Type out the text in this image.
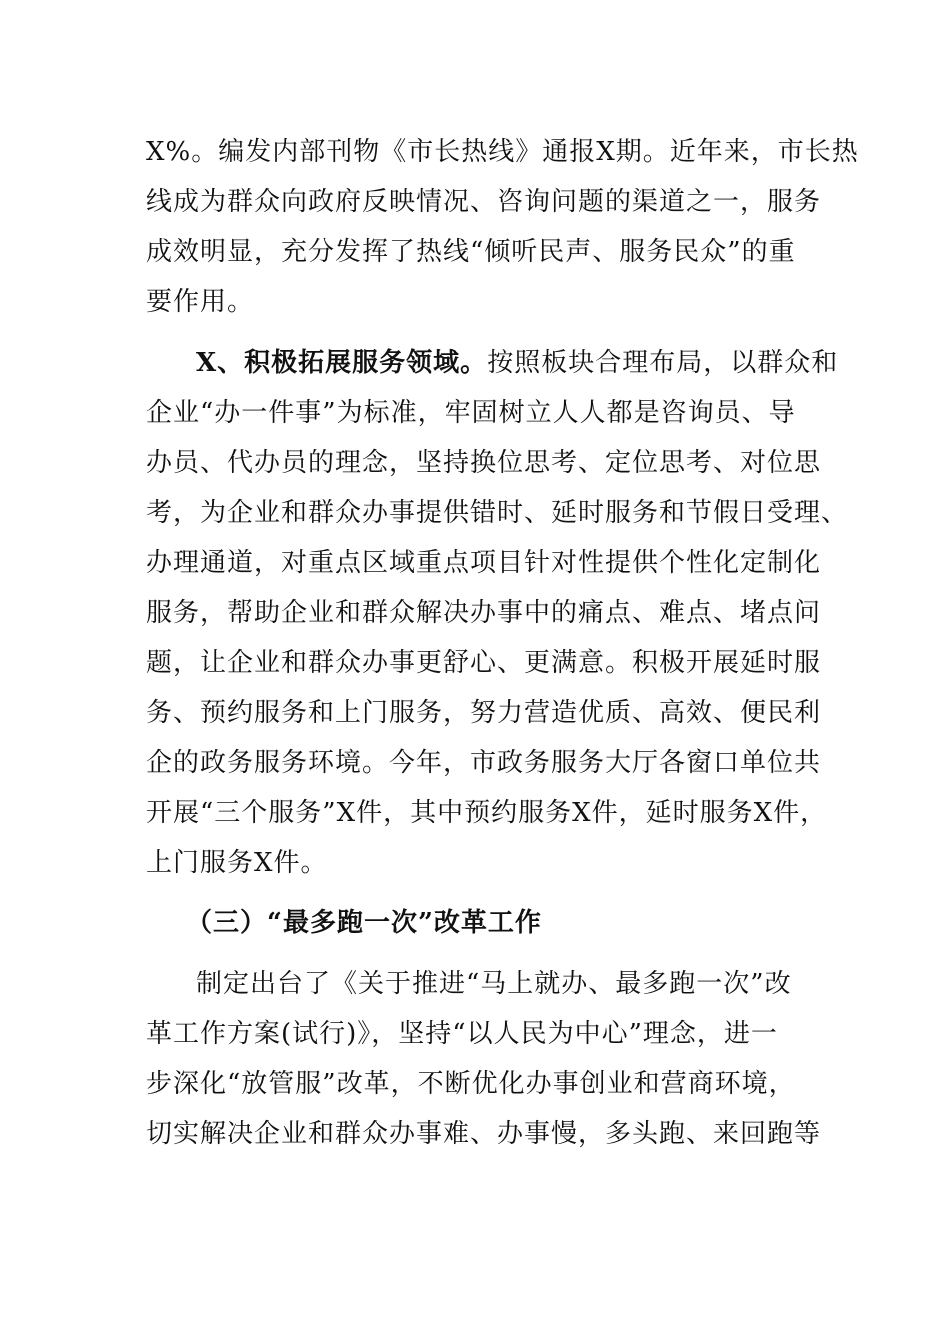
X%。编发内部刊物《市长热线》通报X期。近年来，市长热
线成为群众向政府反映情况、咨询问题的渠道之一，服务
成效明显，充分发挥了热线“倾听民声、服务民众”的重
要作用。
X、积极拓展服务领域。按照板块合理布局，以群众和
企业“办一件事”为标准，牢固树立人人都是咨询员、导
办员、代办员的理念，坚持换位思考、定位思考、对位思
考，为企业和群众办事提供错时、延时服务和节假日受理、
办理通道，对重点区域重点项目针对性提供个性化定制化
服务，帮助企业和群众解决办事中的痛点、难点、堵点问
题，让企业和群众办事更舒心、更满意。积极开展延时服
务、预约服务和上门服务，努力营造优质、高效、便民利
企的政务服务环境。今年，市政务服务大厅各窗口单位共
开展“三个服务”X件，其中预约服务X件，延时服务X件，
上门服务X件。
（三）“最多跑一次”改革工作
制定出台了《关于推进“马上就办、最多跑一次”改
革工作方案(试行)》，坚持“以人民为中心”理念，进一
步深化“放管服”改革，不断优化办事创业和营商环境，
切实解决企业和群众办事难、办事慢，多头跑、来回跑等
